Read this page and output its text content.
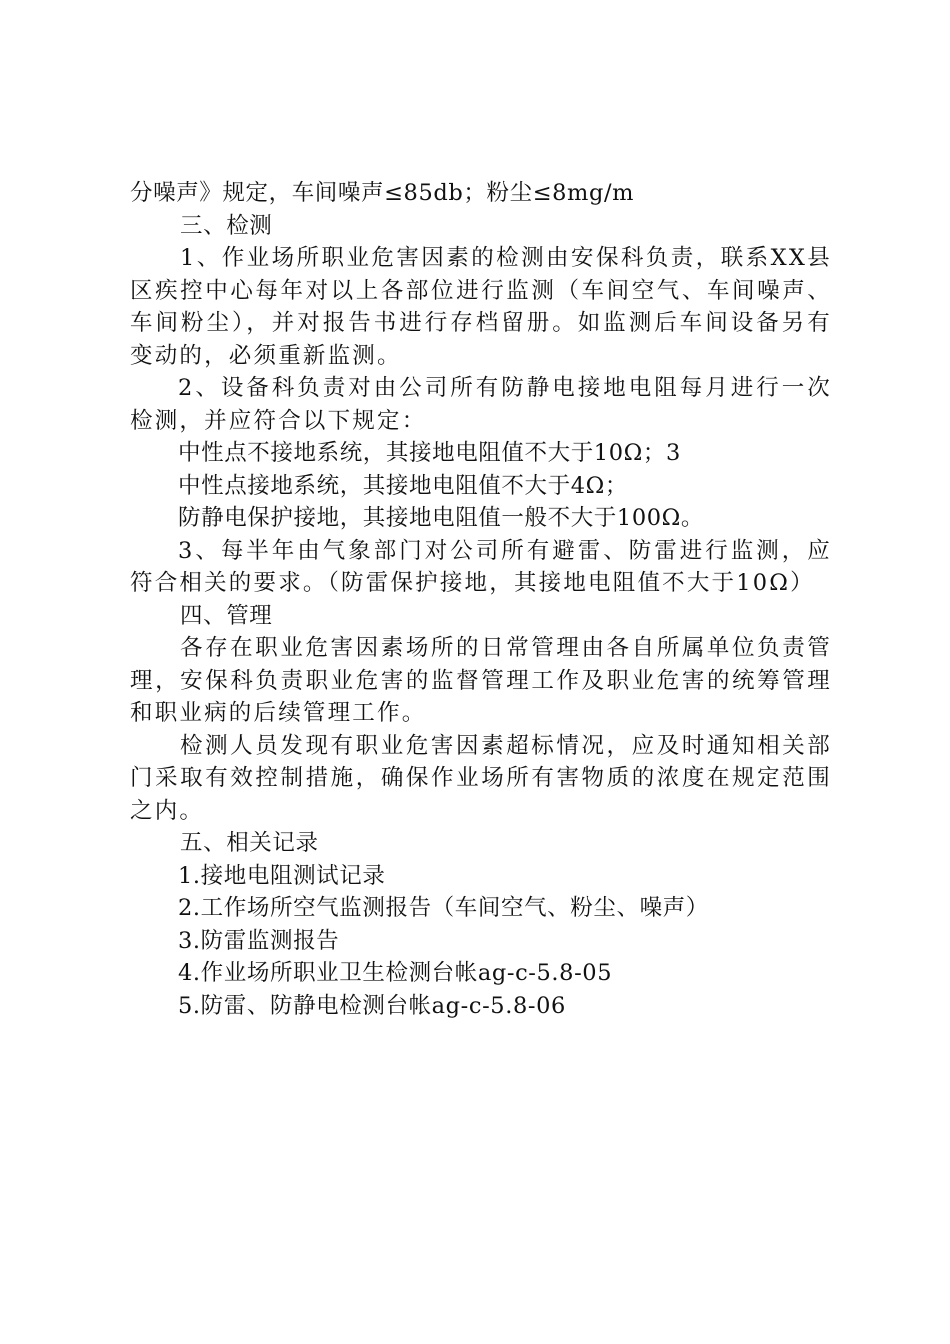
分噪声》规定，车间噪声≤85db；粉尘≤8mg/m

三、检测

1、作业场所职业危害因素的检测由安保科负责，联系XX县区疾控中心每年对以上各部位进行监测（车间空气、车间噪声、车间粉尘），并对报告书进行存档留册。如监测后车间设备另有变动的，必须重新监测。

2、设备科负责对由公司所有防静电接地电阻每月进行一次检测，并应符合以下规定：

中性点不接地系统，其接地电阻值不大于10Ω；3

中性点接地系统，其接地电阻值不大于4Ω；

防静电保护接地，其接地电阻值一般不大于100Ω。

3、每半年由气象部门对公司所有避雷、防雷进行监测，应符合相关的要求。（防雷保护接地，其接地电阻值不大于10Ω）

四、管理

各存在职业危害因素场所的日常管理由各自所属单位负责管理，安保科负责职业危害的监督管理工作及职业危害的统筹管理和职业病的后续管理工作。

检测人员发现有职业危害因素超标情况，应及时通知相关部门采取有效控制措施，确保作业场所有害物质的浓度在规定范围之内。

五、相关记录

1.接地电阻测试记录

2.工作场所空气监测报告（车间空气、粉尘、噪声）

3.防雷监测报告

4.作业场所职业卫生检测台帐ag-c-5.8-05

5.防雷、防静电检测台帐ag-c-5.8-06
